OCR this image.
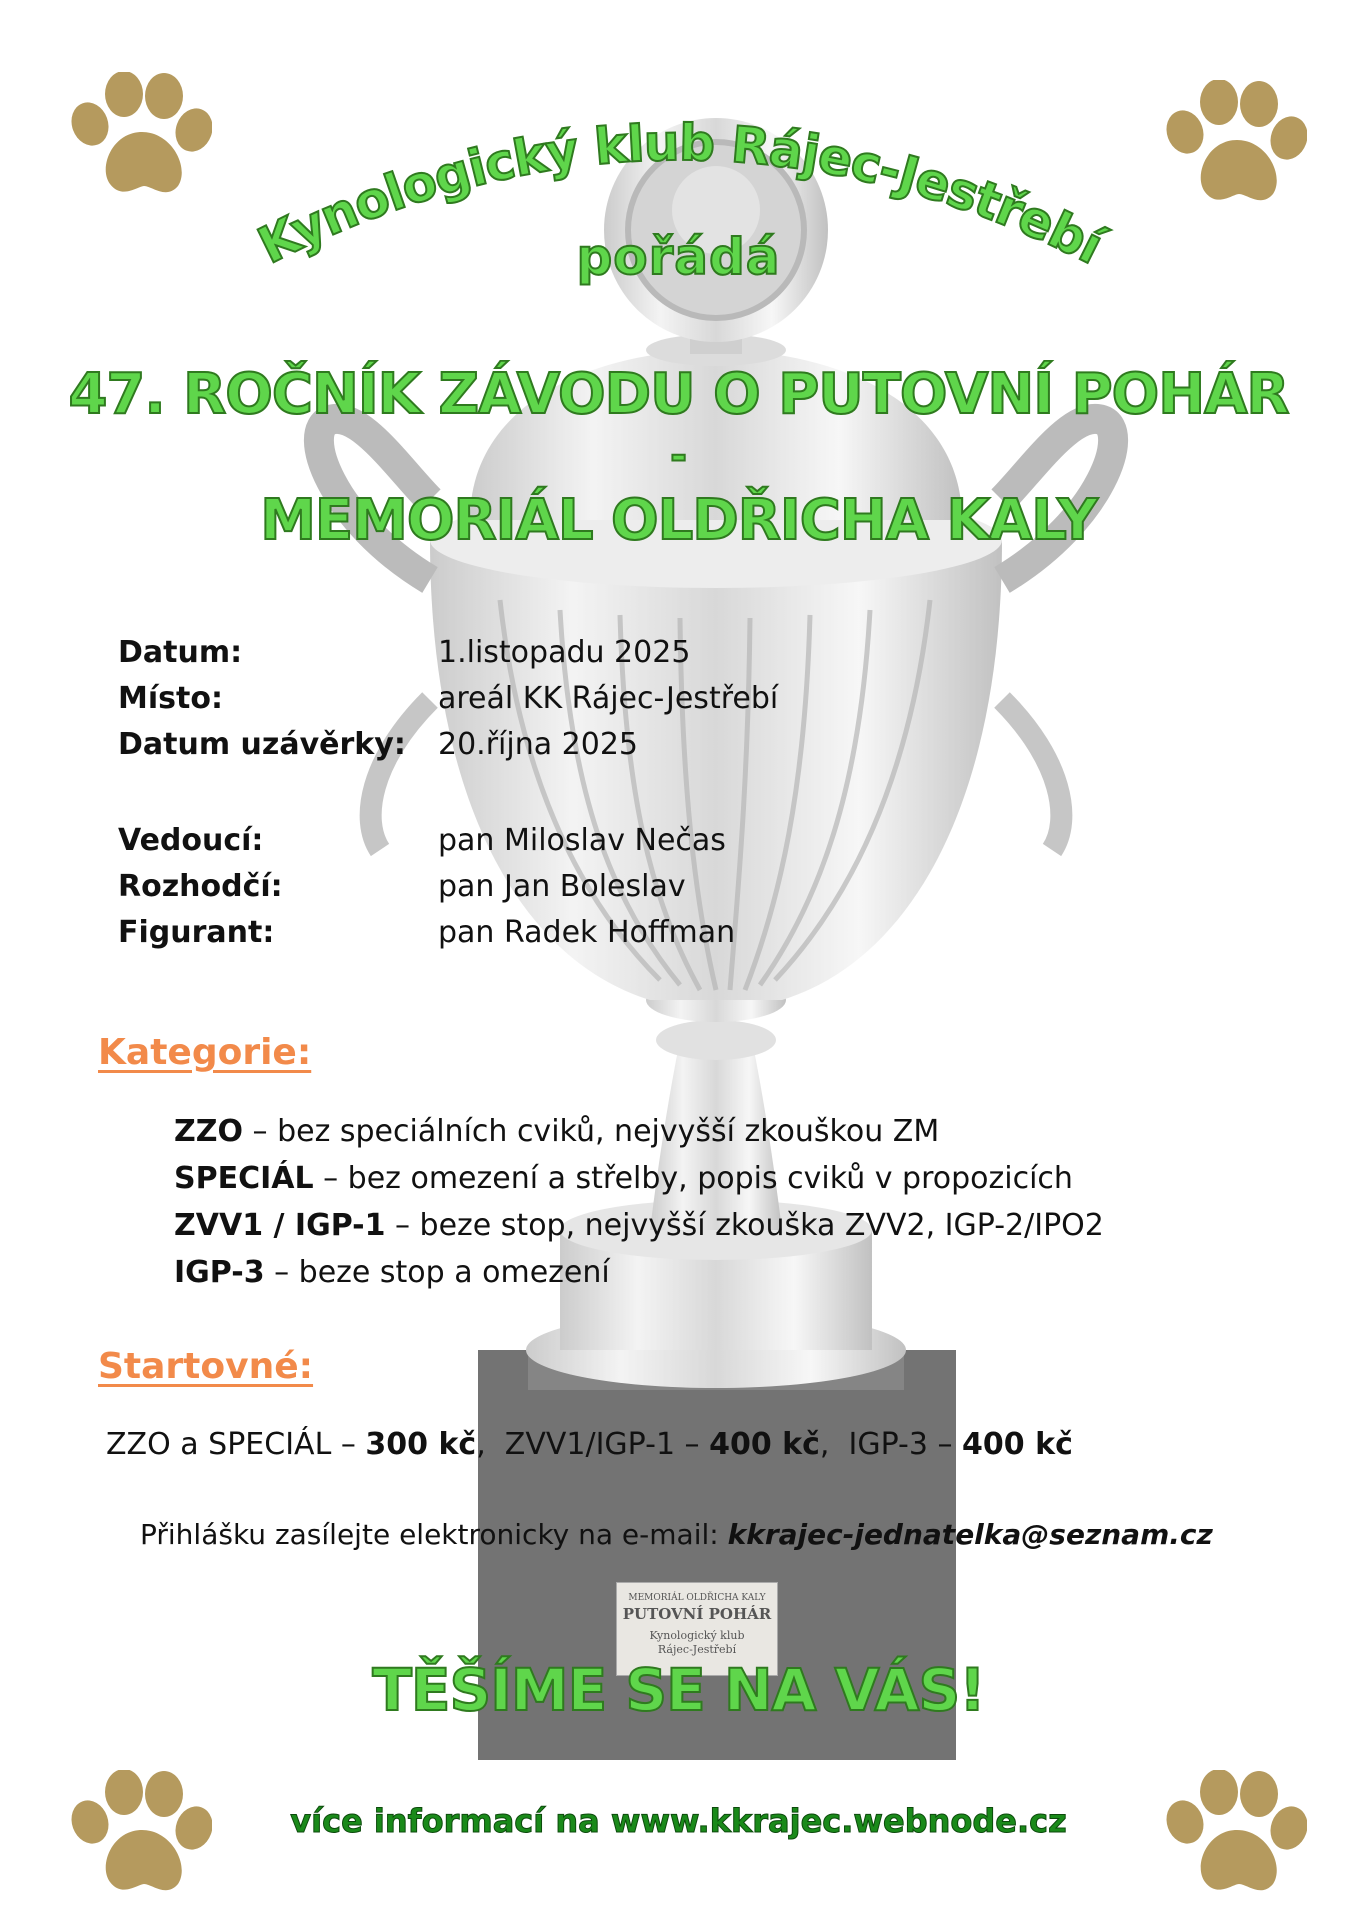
MEMORIÁL OLDŘICHA KALY
PUTOVNÍ POHÁR
Kynologický klub
Rájec-Jestřebí
Kynologický klub Rájec-Jestřebí
pořádá
47. ROČNÍK ZÁVODU O PUTOVNÍ POHÁR
-
MEMORIÁL OLDŘICHA KALY
Datum:	1.listopadu 2025
Místo:	areál KK Rájec-Jestřebí
Datum uzávěrky:	20.října 2025
Vedoucí:	pan Miloslav Nečas
Rozhodčí:	pan Jan Boleslav
Figurant:	pan Radek Hoffman
Kategorie:
ZZO – bez speciálních cviků, nejvyšší zkouškou ZM
SPECIÁL – bez omezení a střelby, popis cviků v propozicích
ZVV1 / IGP-1 – beze stop, nejvyšší zkouška ZVV2, IGP-2/IPO2
IGP-3 – beze stop a omezení
Startovné:
ZZO a SPECIÁL – 300 kč,  ZVV1/IGP-1 – 400 kč,  IGP-3 – 400 kč
Přihlášku zasílejte elektronicky na e-mail: kkrajec-jednatelka@seznam.cz
TĚŠÍME SE NA VÁS!
více informací na www.kkrajec.webnode.cz
